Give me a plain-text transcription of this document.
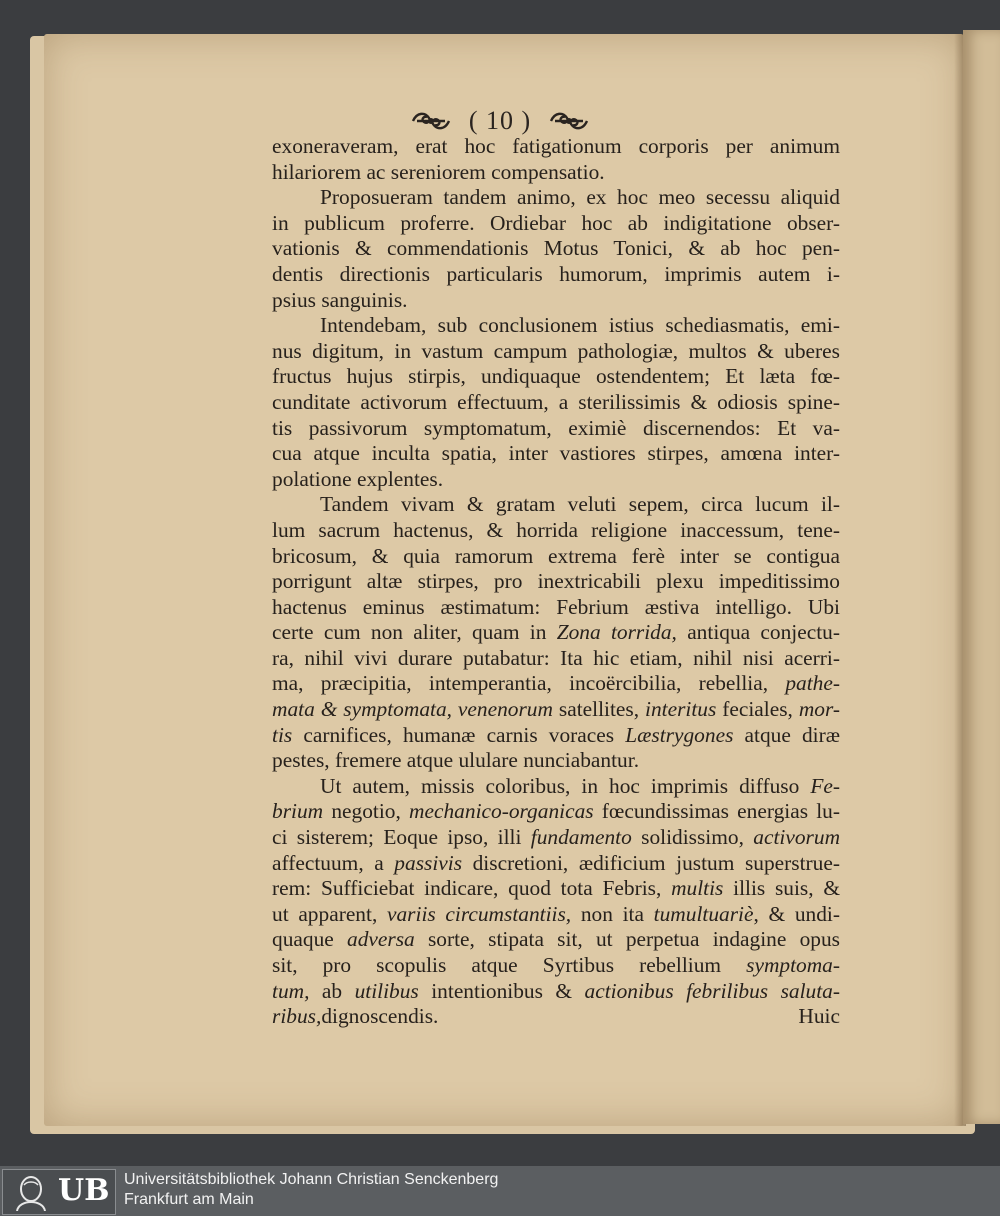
( 10 )
exoneraveram, erat hoc fatigationum corporis per animum
hilariorem ac sereniorem compensatio.
Proposueram tandem animo, ex hoc meo secessu aliquid
in publicum proferre. Ordiebar hoc ab indigitatione obser-
vationis & commendationis Motus Tonici, & ab hoc pen-
dentis directionis particularis humorum, imprimis autem i-
psius sanguinis.
Intendebam, sub conclusionem istius schediasmatis, emi-
nus digitum, in vastum campum pathologiæ, multos & uberes
fructus hujus stirpis, undiquaque ostendentem; Et læta fœ-
cunditate activorum effectuum, a sterilissimis & odiosis spine-
tis passivorum symptomatum, eximiè discernendos: Et va-
cua atque inculta spatia, inter vastiores stirpes, amœna inter-
polatione explentes.
Tandem vivam & gratam veluti sepem, circa lucum il-
lum sacrum hactenus, & horrida religione inaccessum, tene-
bricosum, & quia ramorum extrema ferè inter se contigua
porrigunt altæ stirpes, pro inextricabili plexu impeditissimo
hactenus eminus æstimatum: Febrium æstiva intelligo. Ubi
certe cum non aliter, quam in Zona torrida, antiqua conjectu-
ra, nihil vivi durare putabatur: Ita hic etiam, nihil nisi acerri-
ma, præcipitia, intemperantia, incoërcibilia, rebellia, pathe-
mata & symptomata, venenorum satellites, interitus feciales, mor-
tis carnifices, humanæ carnis voraces Læstrygones atque diræ
pestes, fremere atque ululare nunciabantur.
Ut autem, missis coloribus, in hoc imprimis diffuso Fe-
brium negotio, mechanico-organicas fœcundissimas energias lu-
ci sisterem; Eoque ipso, illi fundamento solidissimo, activorum
affectuum, a passivis discretioni, ædificium justum superstrue-
rem: Sufficiebat indicare, quod tota Febris, multis illis suis, &
ut apparent, variis circumstantiis, non ita tumultuariè, & undi-
quaque adversa sorte, stipata sit, ut perpetua indagine opus
sit, pro scopulis atque Syrtibus rebellium symptoma-
tum, ab utilibus intentionibus & actionibus febrilibus saluta-
ribus,dignoscendis.	Huic
UB Universitätsbibliothek Johann Christian Senckenberg
Frankfurt am Main
